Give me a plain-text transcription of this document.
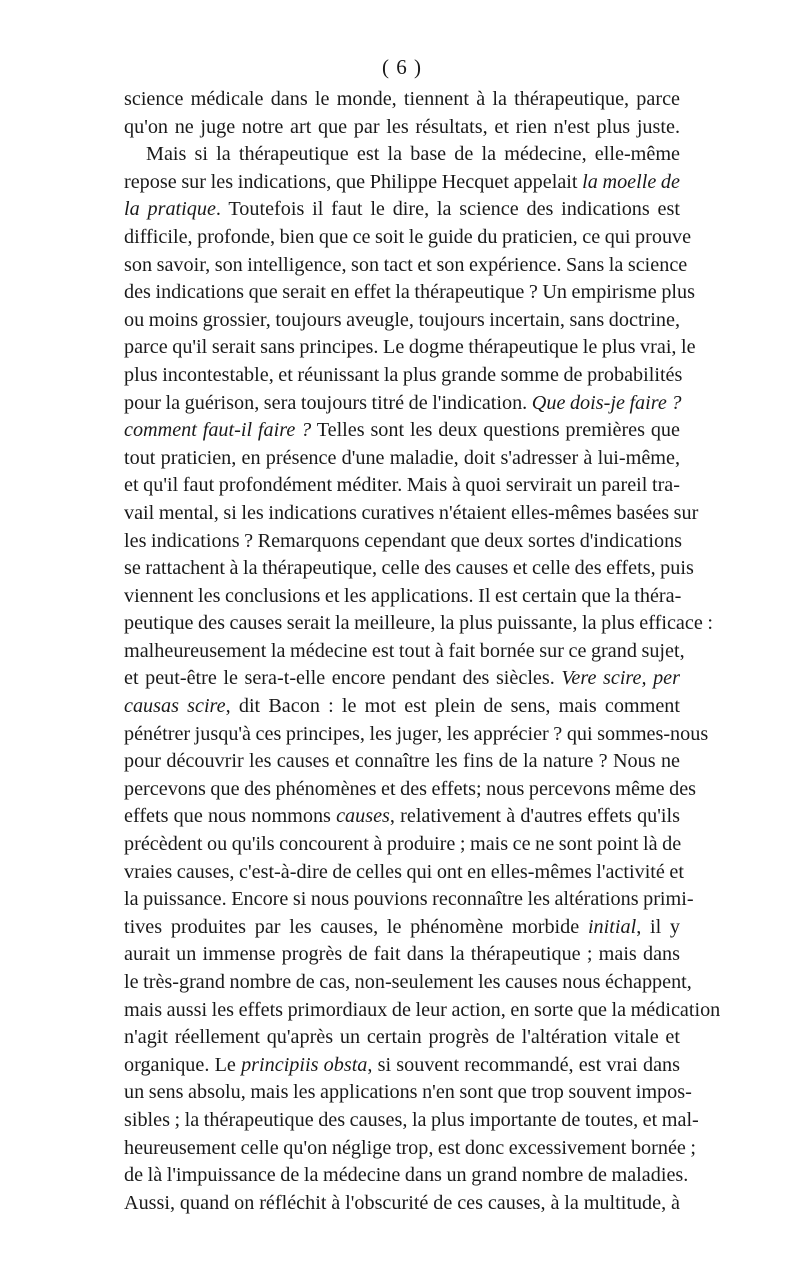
( 6 )
science médicale dans le monde, tiennent à la thérapeutique, parce
qu'on ne juge notre art que par les résultats, et rien n'est plus juste.
Mais si la thérapeutique est la base de la médecine, elle-même
repose sur les indications, que Philippe Hecquet appelait la moelle de
la pratique. Toutefois il faut le dire, la science des indications est
difficile, profonde, bien que ce soit le guide du praticien, ce qui prouve
son savoir, son intelligence, son tact et son expérience. Sans la science
des indications que serait en effet la thérapeutique ? Un empirisme plus
ou moins grossier, toujours aveugle, toujours incertain, sans doctrine,
parce qu'il serait sans principes. Le dogme thérapeutique le plus vrai, le
plus incontestable, et réunissant la plus grande somme de probabilités
pour la guérison, sera toujours titré de l'indication. Que dois-je faire ?
comment faut-il faire ? Telles sont les deux questions premières que
tout praticien, en présence d'une maladie, doit s'adresser à lui-même,
et qu'il faut profondément méditer. Mais à quoi servirait un pareil tra-
vail mental, si les indications curatives n'étaient elles-mêmes basées sur
les indications ? Remarquons cependant que deux sortes d'indications
se rattachent à la thérapeutique, celle des causes et celle des effets, puis
viennent les conclusions et les applications. Il est certain que la théra-
peutique des causes serait la meilleure, la plus puissante, la plus efficace :
malheureusement la médecine est tout à fait bornée sur ce grand sujet,
et peut-être le sera-t-elle encore pendant des siècles. Vere scire, per
causas scire, dit Bacon : le mot est plein de sens, mais comment
pénétrer jusqu'à ces principes, les juger, les apprécier ? qui sommes-nous
pour découvrir les causes et connaître les fins de la nature ? Nous ne
percevons que des phénomènes et des effets; nous percevons même des
effets que nous nommons causes, relativement à d'autres effets qu'ils
précèdent ou qu'ils concourent à produire ; mais ce ne sont point là de
vraies causes, c'est-à-dire de celles qui ont en elles-mêmes l'activité et
la puissance. Encore si nous pouvions reconnaître les altérations primi-
tives produites par les causes, le phénomène morbide initial, il y
aurait un immense progrès de fait dans la thérapeutique ; mais dans
le très-grand nombre de cas, non-seulement les causes nous échappent,
mais aussi les effets primordiaux de leur action, en sorte que la médication
n'agit réellement qu'après un certain progrès de l'altération vitale et
organique. Le principiis obsta, si souvent recommandé, est vrai dans
un sens absolu, mais les applications n'en sont que trop souvent impos-
sibles ; la thérapeutique des causes, la plus importante de toutes, et mal-
heureusement celle qu'on néglige trop, est donc excessivement bornée ;
de là l'impuissance de la médecine dans un grand nombre de maladies.
Aussi, quand on réfléchit à l'obscurité de ces causes, à la multitude, à
